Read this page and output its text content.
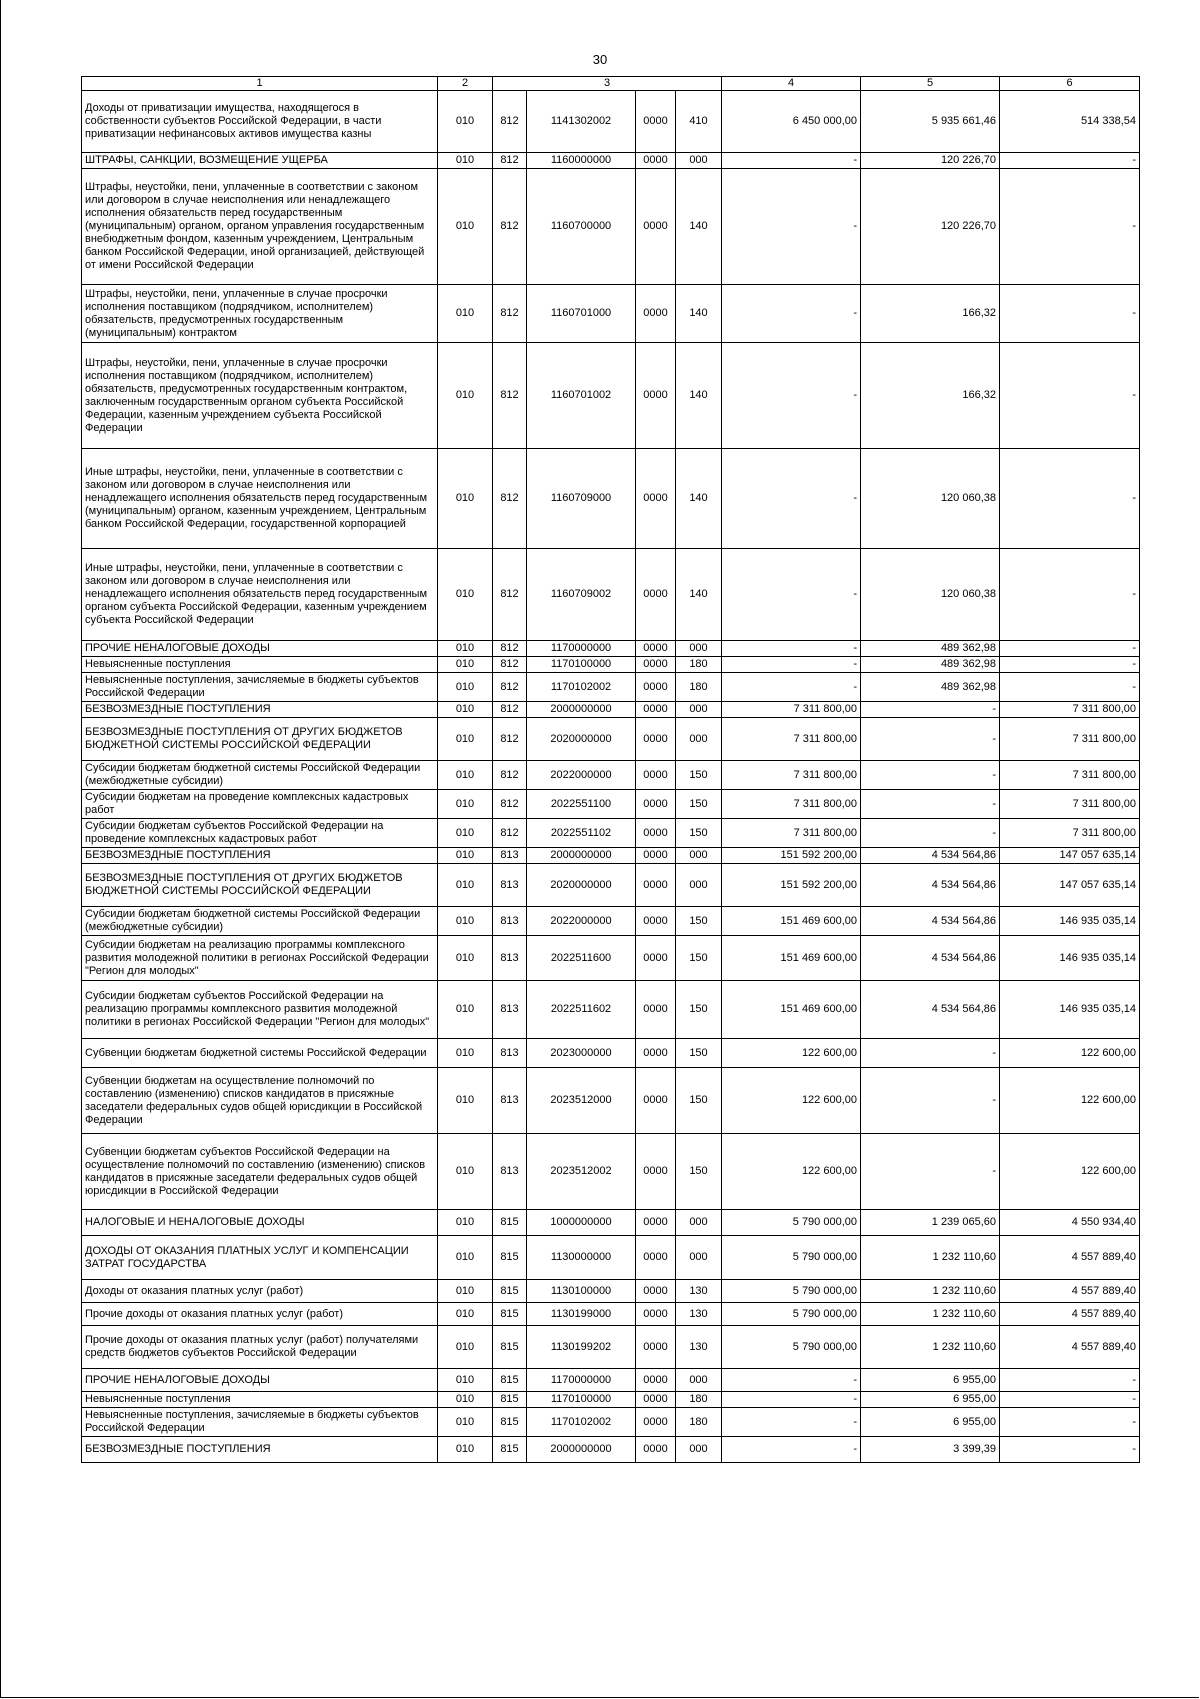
30
1	2	3				4	5	6
Доходы от приватизации имущества, находящегося в собственности субъектов Российской Федерации, в части приватизации нефинансовых активов имущества казны	010	812	1141302002	0000	410	6 450 000,00	5 935 661,46	514 338,54
ШТРАФЫ, САНКЦИИ, ВОЗМЕЩЕНИЕ УЩЕРБА	010	812	1160000000	0000	000	-	120 226,70	-
Штрафы, неустойки, пени, уплаченные в соответствии с законом или договором в случае неисполнения или ненадлежащего исполнения обязательств перед государственным (муниципальным) органом, органом управления государственным внебюджетным фондом, казенным учреждением, Центральным банком Российской Федерации, иной организацией, действующей от имени Российской Федерации	010	812	1160700000	0000	140	-	120 226,70	-
Штрафы, неустойки, пени, уплаченные в случае просрочки исполнения поставщиком (подрядчиком, исполнителем) обязательств, предусмотренных государственным (муниципальным) контрактом	010	812	1160701000	0000	140	-	166,32	-
Штрафы, неустойки, пени, уплаченные в случае просрочки исполнения поставщиком (подрядчиком, исполнителем) обязательств, предусмотренных государственным контрактом, заключенным государственным органом субъекта Российской Федерации, казенным учреждением субъекта Российской Федерации	010	812	1160701002	0000	140	-	166,32	-
Иные штрафы, неустойки, пени, уплаченные в соответствии с законом или договором в случае неисполнения или ненадлежащего исполнения обязательств перед государственным (муниципальным) органом, казенным учреждением, Центральным банком Российской Федерации, государственной корпорацией	010	812	1160709000	0000	140	-	120 060,38	-
Иные штрафы, неустойки, пени, уплаченные в соответствии с законом или договором в случае неисполнения или ненадлежащего исполнения обязательств перед государственным органом субъекта Российской Федерации, казенным учреждением субъекта Российской Федерации	010	812	1160709002	0000	140	-	120 060,38	-
ПРОЧИЕ НЕНАЛОГОВЫЕ ДОХОДЫ	010	812	1170000000	0000	000	-	489 362,98	-
Невыясненные поступления	010	812	1170100000	0000	180	-	489 362,98	-
Невыясненные поступления, зачисляемые в бюджеты субъектов Российской Федерации	010	812	1170102002	0000	180	-	489 362,98	-
БЕЗВОЗМЕЗДНЫЕ ПОСТУПЛЕНИЯ	010	812	2000000000	0000	000	7 311 800,00	-	7 311 800,00
БЕЗВОЗМЕЗДНЫЕ ПОСТУПЛЕНИЯ ОТ ДРУГИХ БЮДЖЕТОВ БЮДЖЕТНОЙ СИСТЕМЫ РОССИЙСКОЙ ФЕДЕРАЦИИ	010	812	2020000000	0000	000	7 311 800,00	-	7 311 800,00
Субсидии бюджетам бюджетной системы Российской Федерации (межбюджетные субсидии)	010	812	2022000000	0000	150	7 311 800,00	-	7 311 800,00
Субсидии бюджетам на проведение комплексных кадастровых работ	010	812	2022551100	0000	150	7 311 800,00	-	7 311 800,00
Субсидии бюджетам субъектов Российской Федерации на проведение комплексных кадастровых работ	010	812	2022551102	0000	150	7 311 800,00	-	7 311 800,00
БЕЗВОЗМЕЗДНЫЕ ПОСТУПЛЕНИЯ	010	813	2000000000	0000	000	151 592 200,00	4 534 564,86	147 057 635,14
БЕЗВОЗМЕЗДНЫЕ ПОСТУПЛЕНИЯ ОТ ДРУГИХ БЮДЖЕТОВ БЮДЖЕТНОЙ СИСТЕМЫ РОССИЙСКОЙ ФЕДЕРАЦИИ	010	813	2020000000	0000	000	151 592 200,00	4 534 564,86	147 057 635,14
Субсидии бюджетам бюджетной системы Российской Федерации (межбюджетные субсидии)	010	813	2022000000	0000	150	151 469 600,00	4 534 564,86	146 935 035,14
Субсидии бюджетам на реализацию программы комплексного развития молодежной политики в регионах Российской Федерации "Регион для молодых"	010	813	2022511600	0000	150	151 469 600,00	4 534 564,86	146 935 035,14
Субсидии бюджетам субъектов Российской Федерации на реализацию программы комплексного развития молодежной политики в регионах Российской Федерации "Регион для молодых"	010	813	2022511602	0000	150	151 469 600,00	4 534 564,86	146 935 035,14
Субвенции бюджетам бюджетной системы Российской Федерации	010	813	2023000000	0000	150	122 600,00	-	122 600,00
Субвенции бюджетам на осуществление полномочий по составлению (изменению) списков кандидатов в присяжные заседатели федеральных судов общей юрисдикции в Российской Федерации	010	813	2023512000	0000	150	122 600,00	-	122 600,00
Субвенции бюджетам субъектов Российской Федерации на осуществление полномочий по составлению (изменению) списков кандидатов в присяжные заседатели федеральных судов общей юрисдикции в Российской Федерации	010	813	2023512002	0000	150	122 600,00	-	122 600,00
НАЛОГОВЫЕ И НЕНАЛОГОВЫЕ ДОХОДЫ	010	815	1000000000	0000	000	5 790 000,00	1 239 065,60	4 550 934,40
ДОХОДЫ ОТ ОКАЗАНИЯ ПЛАТНЫХ УСЛУГ И КОМПЕНСАЦИИ ЗАТРАТ ГОСУДАРСТВА	010	815	1130000000	0000	000	5 790 000,00	1 232 110,60	4 557 889,40
Доходы от оказания платных услуг (работ)	010	815	1130100000	0000	130	5 790 000,00	1 232 110,60	4 557 889,40
Прочие доходы от оказания платных услуг (работ)	010	815	1130199000	0000	130	5 790 000,00	1 232 110,60	4 557 889,40
Прочие доходы от оказания платных услуг (работ) получателями средств бюджетов субъектов Российской Федерации	010	815	1130199202	0000	130	5 790 000,00	1 232 110,60	4 557 889,40
ПРОЧИЕ НЕНАЛОГОВЫЕ ДОХОДЫ	010	815	1170000000	0000	000	-	6 955,00	-
Невыясненные поступления	010	815	1170100000	0000	180	-	6 955,00	-
Невыясненные поступления, зачисляемые в бюджеты субъектов Российской Федерации	010	815	1170102002	0000	180	-	6 955,00	-
БЕЗВОЗМЕЗДНЫЕ ПОСТУПЛЕНИЯ	010	815	2000000000	0000	000	-	3 399,39	-
